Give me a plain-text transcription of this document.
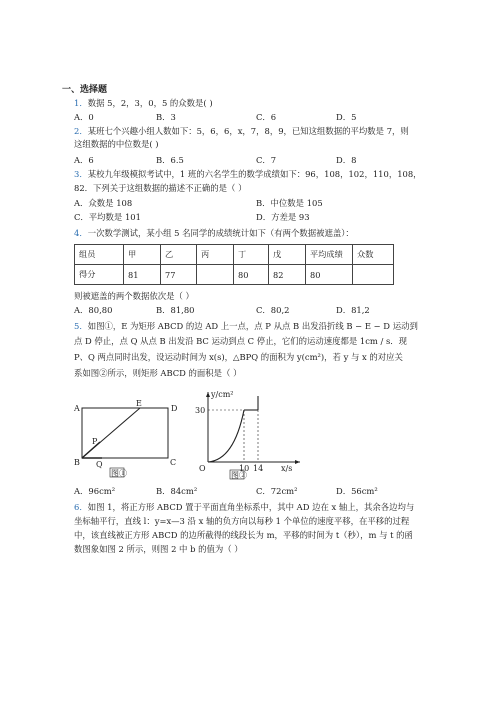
一、选择题
1．数据 5，2，3，0，5 的众数是( )
A．0	B．3	C．6	D．5
2．某班七个兴趣小组人数如下：5，6，6，x，7，8，9，已知这组数据的平均数是 7，则
这组数据的中位数是( )
A．6	B．6.5	C．7	D．8
3．某校九年级模拟考试中，1 班的六名学生的数学成绩如下：96，108，102，110，108，
82．下列关于这组数据的描述不正确的是（ ）
A．众数是 108	B．中位数是 105
C．平均数是 101	D．方差是 93
4．一次数学测试，某小组 5 名同学的成绩统计如下（有两个数据被遮盖）：
组员	甲	乙	丙	丁	戊	平均成绩	众数
得分	81	77		80	82	80	
则被遮盖的两个数据依次是（ ）
A．80,80	B．81,80	C．80,2	D．81,2
5．如图①，E 为矩形 ABCD 的边 AD 上一点，点 P 从点 B 出发沿折线 B − E − D 运动到
点 D 停止，点 Q 从点 B 出发沿 BC 运动到点 C 停止，它们的运动速度都是 1cm / s．现
P、Q 两点同时出发，设运动时间为 x(s)，△BPQ 的面积为 y(cm²)，若 y 与 x 的对应关
系如图②所示，则矩形 ABCD 的面积是（ ）
A
E
D
P
B Q	C
图①
y/cm²
30
O	10 14 x/s
图②
A．96cm²	B．84cm²	C．72cm²	D．56cm²
6．如图 1，将正方形 ABCD 置于平面直角坐标系中，其中 AD 边在 x 轴上，其余各边均与
坐标轴平行，直线 l：y=x—3 沿 x 轴的负方向以每秒 1 个单位的速度平移，在平移的过程
中，该直线被正方形 ABCD 的边所截得的线段长为 m，平移的时间为 t（秒），m 与 t 的函
数图象如图 2 所示，则图 2 中 b 的值为（ ）
